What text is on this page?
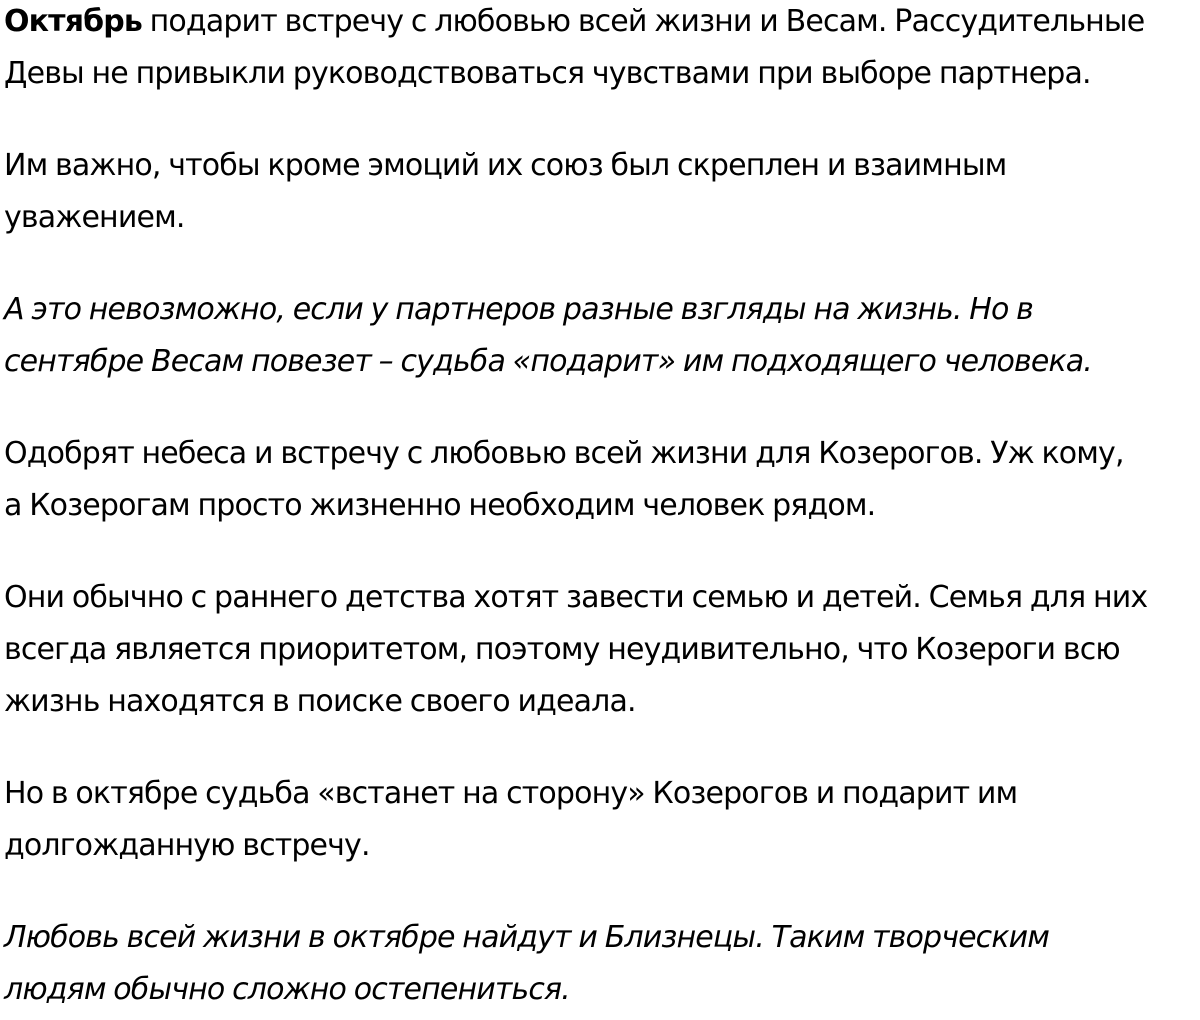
Октябрь подарит встречу с любовью всей жизни и Весам. Рассудительные
Девы не привыкли руководствоваться чувствами при выборе партнера.

Им важно, чтобы кроме эмоций их союз был скреплен и взаимным
уважением.

А это невозможно, если у партнеров разные взгляды на жизнь. Но в
сентябре Весам повезет – судьба «подарит» им подходящего человека.

Одобрят небеса и встречу с любовью всей жизни для Козерогов. Уж кому,
а Козерогам просто жизненно необходим человек рядом.

Они обычно с раннего детства хотят завести семью и детей. Семья для них
всегда является приоритетом, поэтому неудивительно, что Козероги всю
жизнь находятся в поиске своего идеала.

Но в октябре судьба «встанет на сторону» Козерогов и подарит им
долгожданную встречу.

Любовь всей жизни в октябре найдут и Близнецы. Таким творческим
людям обычно сложно остепениться.
